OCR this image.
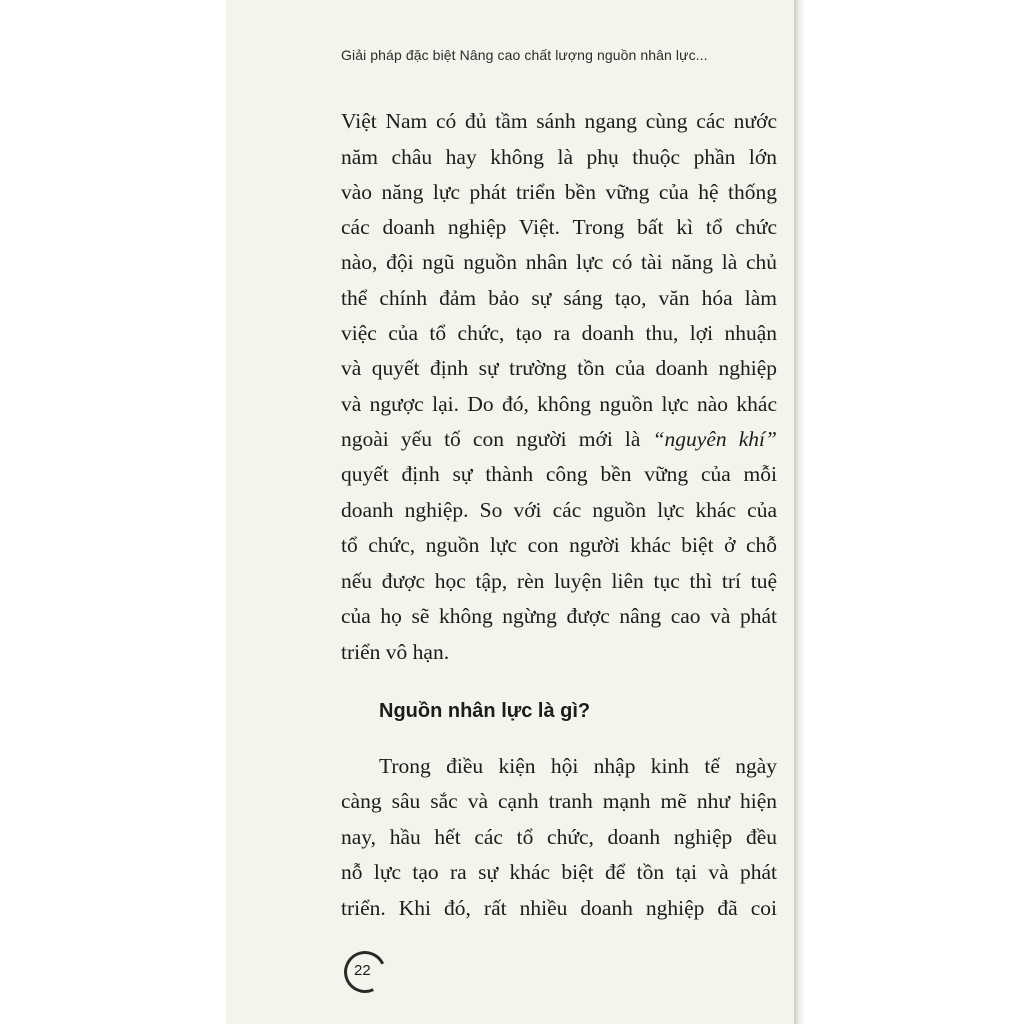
Giải pháp đặc biệt Nâng cao chất lượng nguồn nhân lực...
Việt Nam có đủ tầm sánh ngang cùng các nước
năm châu hay không là phụ thuộc phần lớn
vào năng lực phát triển bền vững của hệ thống
các doanh nghiệp Việt. Trong bất kì tổ chức
nào, đội ngũ nguồn nhân lực có tài năng là chủ
thể chính đảm bảo sự sáng tạo, văn hóa làm
việc của tổ chức, tạo ra doanh thu, lợi nhuận
và quyết định sự trường tồn của doanh nghiệp
và ngược lại. Do đó, không nguồn lực nào khác
ngoài yếu tố con người mới là “nguyên khí”
quyết định sự thành công bền vững của mỗi
doanh nghiệp. So với các nguồn lực khác của
tổ chức, nguồn lực con người khác biệt ở chỗ
nếu được học tập, rèn luyện liên tục thì trí tuệ
của họ sẽ không ngừng được nâng cao và phát
triển vô hạn.
Nguồn nhân lực là gì?
Trong điều kiện hội nhập kinh tế ngày
càng sâu sắc và cạnh tranh mạnh mẽ như hiện
nay, hầu hết các tổ chức, doanh nghiệp đều
nỗ lực tạo ra sự khác biệt để tồn tại và phát
triển. Khi đó, rất nhiều doanh nghiệp đã coi
22
